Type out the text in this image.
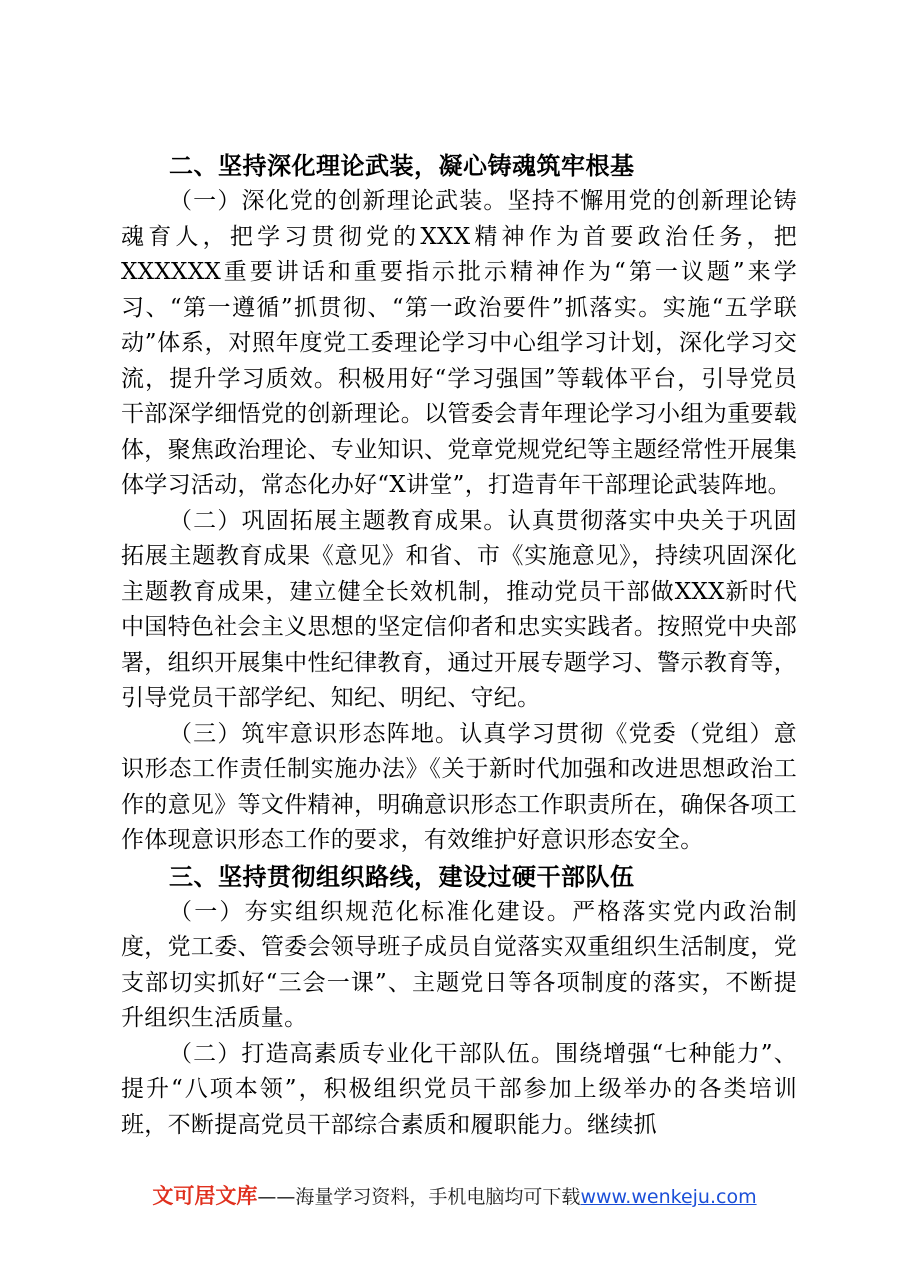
二、坚持深化理论武装，凝心铸魂筑牢根基

（一）深化党的创新理论武装。坚持不懈用党的创新理论铸魂育人，把学习贯彻党的XXX精神作为首要政治任务，把XXXXXX重要讲话和重要指示批示精神作为“第一议题”来学习、“第一遵循”抓贯彻、“第一政治要件”抓落实。实施“五学联动”体系，对照年度党工委理论学习中心组学习计划，深化学习交流，提升学习质效。积极用好“学习强国”等载体平台，引导党员干部深学细悟党的创新理论。以管委会青年理论学习小组为重要载体，聚焦政治理论、专业知识、党章党规党纪等主题经常性开展集体学习活动，常态化办好“X讲堂”，打造青年干部理论武装阵地。

（二）巩固拓展主题教育成果。认真贯彻落实中央关于巩固拓展主题教育成果《意见》和省、市《实施意见》，持续巩固深化主题教育成果，建立健全长效机制，推动党员干部做XXX新时代中国特色社会主义思想的坚定信仰者和忠实实践者。按照党中央部署，组织开展集中性纪律教育，通过开展专题学习、警示教育等，引导党员干部学纪、知纪、明纪、守纪。

（三）筑牢意识形态阵地。认真学习贯彻《党委（党组）意识形态工作责任制实施办法》《关于新时代加强和改进思想政治工作的意见》等文件精神，明确意识形态工作职责所在，确保各项工作体现意识形态工作的要求，有效维护好意识形态安全。

三、坚持贯彻组织路线，建设过硬干部队伍

（一）夯实组织规范化标准化建设。严格落实党内政治制度，党工委、管委会领导班子成员自觉落实双重组织生活制度，党支部切实抓好“三会一课”、主题党日等各项制度的落实，不断提升组织生活质量。

（二）打造高素质专业化干部队伍。围绕增强“七种能力”、提升“八项本领”，积极组织党员干部参加上级举办的各类培训班，不断提高党员干部综合素质和履职能力。继续抓

文可居文库——海量学习资料，手机电脑均可下载www.wenkeju.com
